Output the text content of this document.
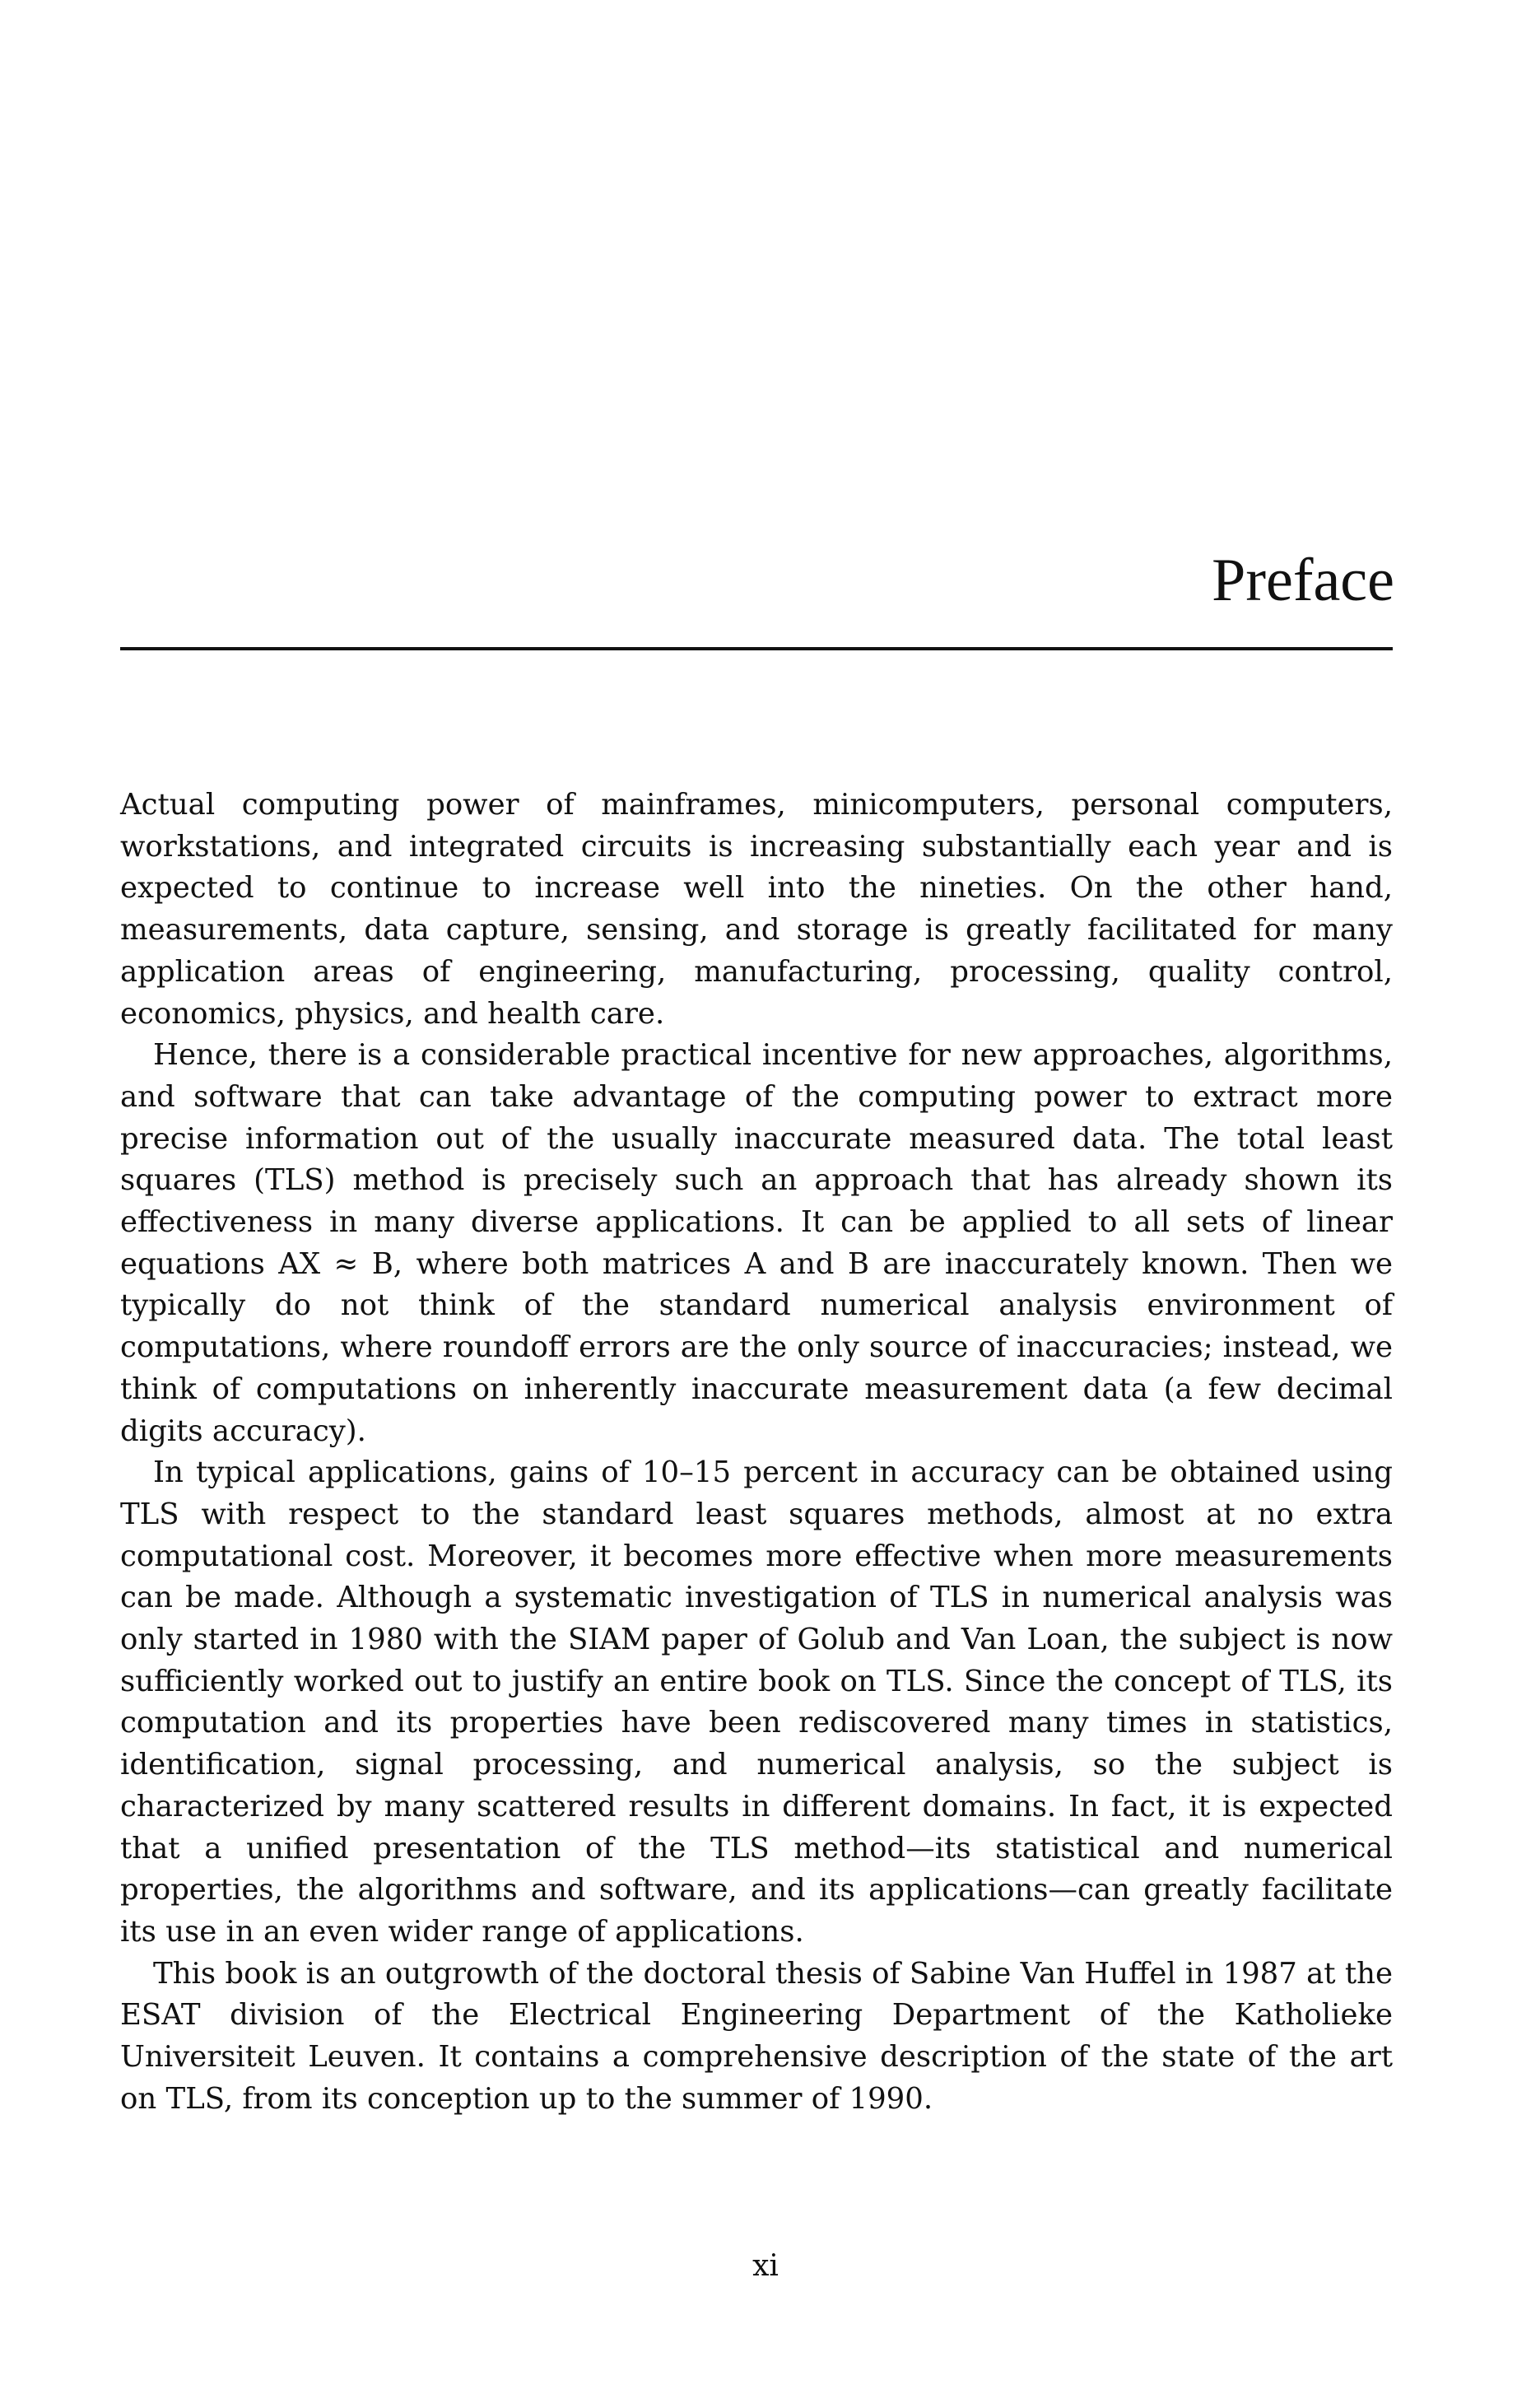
Preface

Actual computing power of mainframes, minicomputers, personal computers, workstations, and integrated circuits is increasing substantially each year and is expected to continue to increase well into the nineties. On the other hand, measurements, data capture, sensing, and storage is greatly facilitated for many application areas of engineering, manufacturing, processing, quality control, economics, physics, and health care.

Hence, there is a considerable practical incentive for new approaches, algorithms, and software that can take advantage of the computing power to extract more precise information out of the usually inaccurate measured data. The total least squares (TLS) method is precisely such an approach that has already shown its effectiveness in many diverse applications. It can be applied to all sets of linear equations AX ≈ B, where both matrices A and B are inaccurately known. Then we typically do not think of the standard numerical analysis environment of computations, where roundoff errors are the only source of inaccuracies; instead, we think of computations on inherently inaccurate measurement data (a few decimal digits accuracy).

In typical applications, gains of 10–15 percent in accuracy can be obtained using TLS with respect to the standard least squares methods, almost at no extra computational cost. Moreover, it becomes more effective when more measurements can be made. Although a systematic investigation of TLS in numerical analysis was only started in 1980 with the SIAM paper of Golub and Van Loan, the subject is now sufficiently worked out to justify an entire book on TLS. Since the concept of TLS, its computation and its properties have been rediscovered many times in statistics, identification, signal processing, and numerical analysis, so the subject is characterized by many scattered results in different domains. In fact, it is expected that a unified presentation of the TLS method—its statistical and numerical properties, the algorithms and software, and its applications—can greatly facilitate its use in an even wider range of applications.

This book is an outgrowth of the doctoral thesis of Sabine Van Huffel in 1987 at the ESAT division of the Electrical Engineering Department of the Katholieke Universiteit Leuven. It contains a comprehensive description of the state of the art on TLS, from its conception up to the summer of 1990.

xi
